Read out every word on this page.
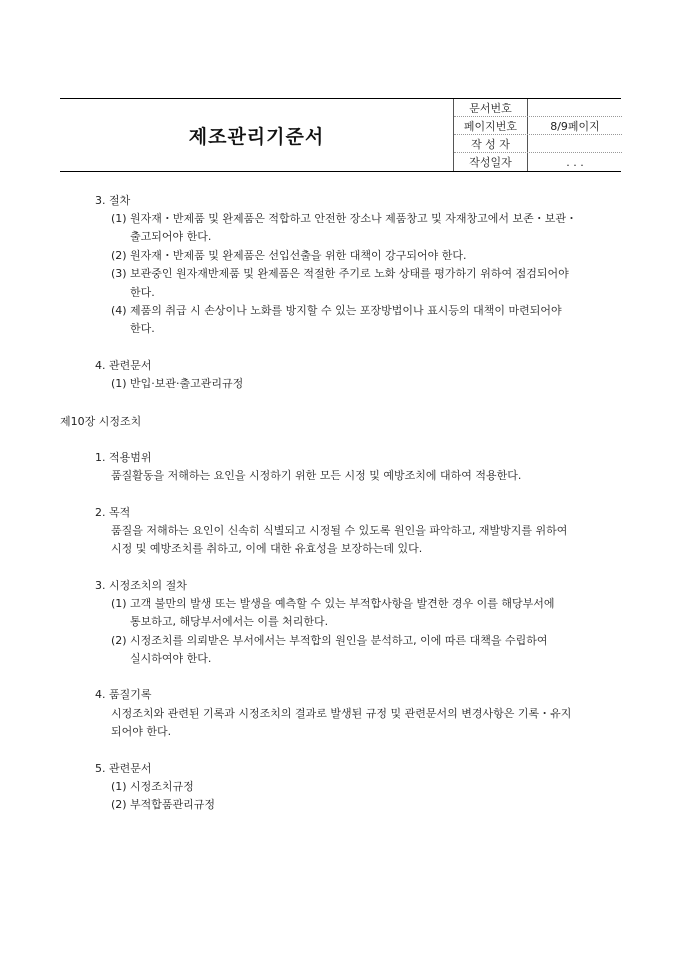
제조관리기준서
문서번호
페이지번호	8/9페이지
작 성 자
작성일자	. . .
3. 절차
(1) 원자재・반제품 및 완제품은 적합하고 안전한 장소나 제품창고 및 자재창고에서 보존・보관・
출고되어야 한다.
(2) 원자재・반제품 및 완제품은 선입선출을 위한 대책이 강구되어야 한다.
(3) 보관중인 원자재반제품 및 완제품은 적절한 주기로 노화 상태를 평가하기 위하여 점검되어야
한다.
(4) 제품의 취급 시 손상이나 노화를 방지할 수 있는 포장방법이나 표시등의 대책이 마련되어야
한다.
4. 관련문서
(1) 반입·보관·출고관리규정
제10장 시정조치
1. 적용범위
품질활동을 저해하는 요인을 시정하기 위한 모든 시정 및 예방조치에 대하여 적용한다.
2. 목적
품질을 저해하는 요인이 신속히 식별되고 시정될 수 있도록 원인을 파악하고, 재발방지를 위하여
시정 및 예방조치를 취하고, 이에 대한 유효성을 보장하는데 있다.
3. 시정조치의 절차
(1) 고객 불만의 발생 또는 발생을 예측할 수 있는 부적합사항을 발견한 경우 이를 해당부서에
통보하고, 해당부서에서는 이를 처리한다.
(2) 시정조치를 의뢰받은 부서에서는 부적합의 원인을 분석하고, 이에 따른 대책을 수립하여
실시하여야 한다.
4. 품질기록
시정조치와 관련된 기록과 시정조치의 결과로 발생된 규정 및 관련문서의 변경사항은 기록・유지
되어야 한다.
5. 관련문서
(1) 시정조치규정
(2) 부적합품관리규정
